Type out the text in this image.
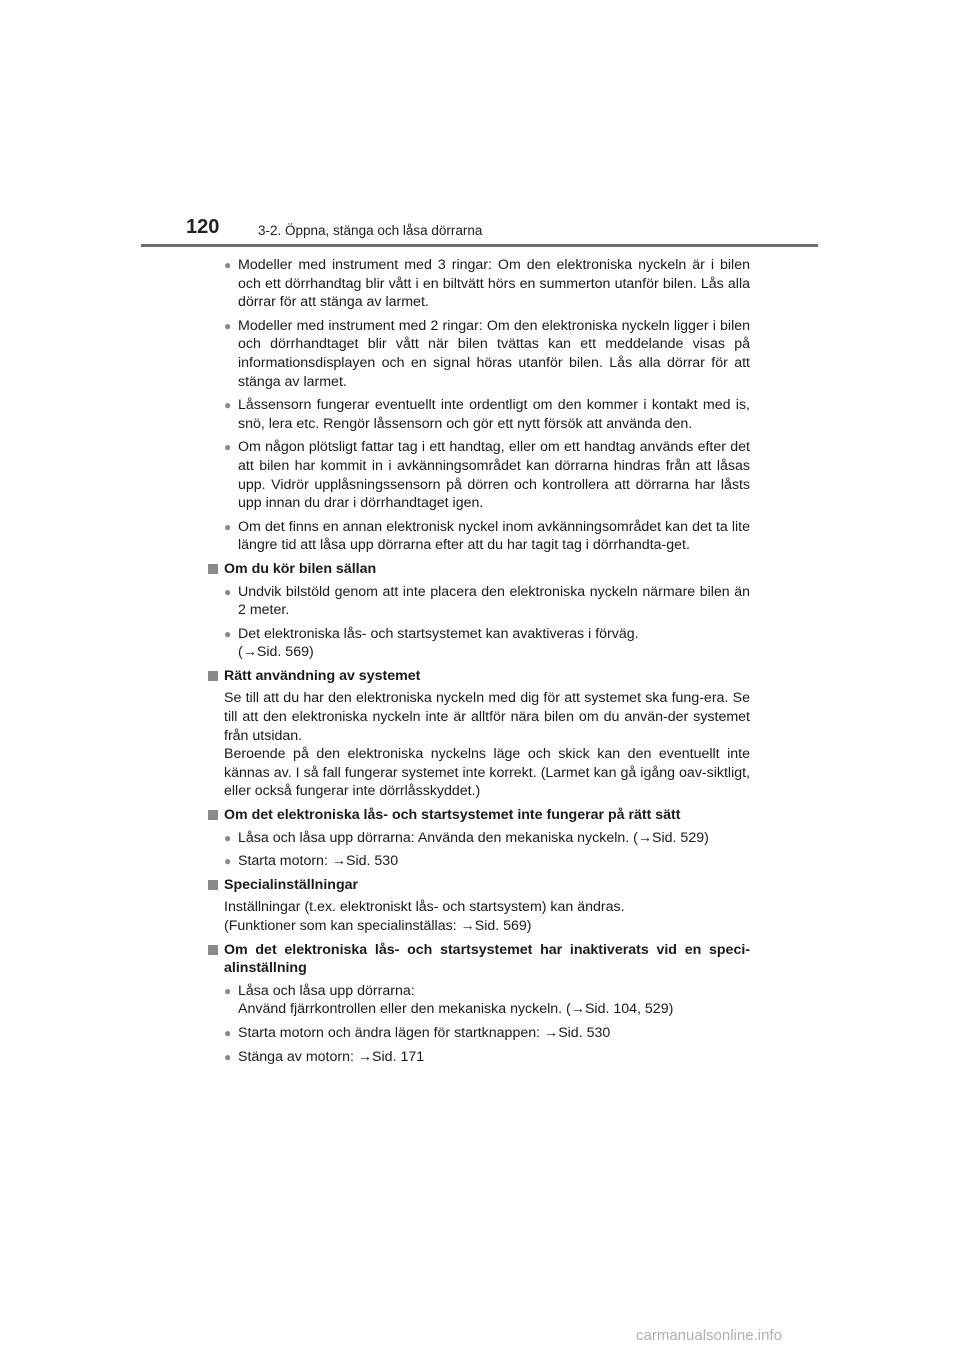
120	3-2. Öppna, stänga och låsa dörrarna
● Modeller med instrument med 3 ringar: Om den elektroniska nyckeln är i bilen och ett dörrhandtag blir vått i en biltvätt hörs en summerton utanför bilen. Lås alla dörrar för att stänga av larmet.
● Modeller med instrument med 2 ringar: Om den elektroniska nyckeln ligger i bilen och dörrhandtaget blir vått när bilen tvättas kan ett meddelande visas på informationsdisplayen och en signal höras utanför bilen. Lås alla dörrar för att stänga av larmet.
● Låssensorn fungerar eventuellt inte ordentligt om den kommer i kontakt med is, snö, lera etc. Rengör låssensorn och gör ett nytt försök att använda den.
● Om någon plötsligt fattar tag i ett handtag, eller om ett handtag används efter det att bilen har kommit in i avkänningsområdet kan dörrarna hindras från att låsas upp. Vidrör upplåsningssensorn på dörren och kontrollera att dörrarna har låsts upp innan du drar i dörrhandtaget igen.
● Om det finns en annan elektronisk nyckel inom avkänningsområdet kan det ta lite längre tid att låsa upp dörrarna efter att du har tagit tag i dörrhandta-get.
Om du kör bilen sällan
● Undvik bilstöld genom att inte placera den elektroniska nyckeln närmare bilen än 2 meter.
● Det elektroniska lås- och startsystemet kan avaktiveras i förväg.
(→Sid. 569)
Rätt användning av systemet
Se till att du har den elektroniska nyckeln med dig för att systemet ska fung-era. Se till att den elektroniska nyckeln inte är alltför nära bilen om du använ-der systemet från utsidan.
Beroende på den elektroniska nyckelns läge och skick kan den eventuellt inte kännas av. I så fall fungerar systemet inte korrekt. (Larmet kan gå igång oav-siktligt, eller också fungerar inte dörrlåsskyddet.)
Om det elektroniska lås- och startsystemet inte fungerar på rätt sätt
● Låsa och låsa upp dörrarna: Använda den mekaniska nyckeln. (→Sid. 529)
● Starta motorn: →Sid. 530
Specialinställningar
Inställningar (t.ex. elektroniskt lås- och startsystem) kan ändras.
(Funktioner som kan specialinställas: →Sid. 569)
Om det elektroniska lås- och startsystemet har inaktiverats vid en speci-alinställning
● Låsa och låsa upp dörrarna:
Använd fjärrkontrollen eller den mekaniska nyckeln. (→Sid. 104, 529)
● Starta motorn och ändra lägen för startknappen: →Sid. 530
● Stänga av motorn: →Sid. 171
carmanualsonline.info
